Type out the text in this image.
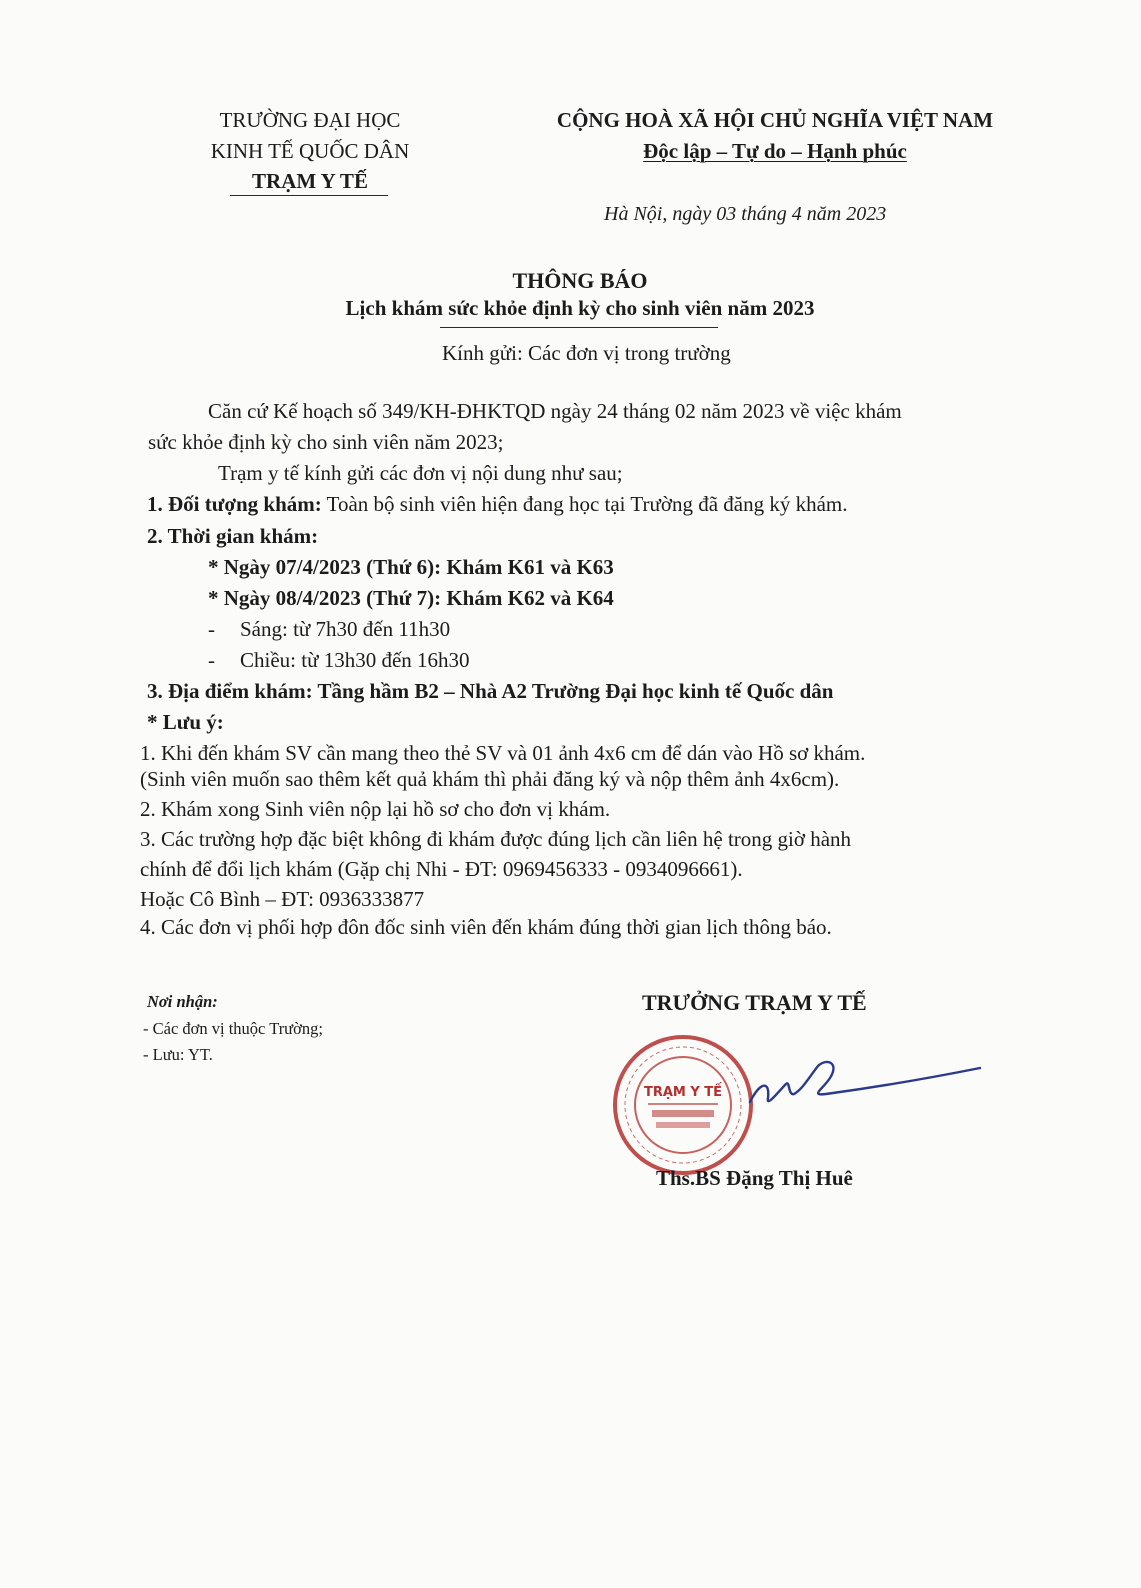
TRƯỜNG ĐẠI HỌC
KINH TẾ QUỐC DÂN
TRẠM Y TẾ
CỘNG HOÀ XÃ HỘI CHỦ NGHĨA VIỆT NAM
Độc lập – Tự do – Hạnh phúc
Hà Nội, ngày 03 tháng 4 năm 2023
THÔNG BÁO
Lịch khám sức khỏe định kỳ cho sinh viên năm 2023
Kính gửi: Các đơn vị trong trường
Căn cứ Kế hoạch số 349/KH-ĐHKTQD ngày 24 tháng 02 năm 2023 về việc khám
sức khỏe định kỳ cho sinh viên năm 2023;
Trạm y tế kính gửi các đơn vị nội dung như sau;
1. Đối tượng khám: Toàn bộ sinh viên hiện đang học tại Trường đã đăng ký khám.
2. Thời gian khám:
* Ngày 07/4/2023 (Thứ 6): Khám K61 và K63
* Ngày 08/4/2023 (Thứ 7): Khám K62 và K64
- Sáng: từ 7h30 đến 11h30
- Chiều: từ 13h30 đến 16h30
3. Địa điểm khám: Tầng hầm B2 – Nhà A2 Trường Đại học kinh tế Quốc dân
* Lưu ý:
1. Khi đến khám SV cần mang theo thẻ SV và 01 ảnh 4x6 cm để dán vào Hồ sơ khám.
(Sinh viên muốn sao thêm kết quả khám thì phải đăng ký và nộp thêm ảnh 4x6cm).
2. Khám xong Sinh viên nộp lại hồ sơ cho đơn vị khám.
3. Các trường hợp đặc biệt không đi khám được đúng lịch cần liên hệ trong giờ hành
chính để đổi lịch khám (Gặp chị Nhi - ĐT: 0969456333 - 0934096661).
Hoặc Cô Bình – ĐT: 0936333877
4. Các đơn vị phối hợp đôn đốc sinh viên đến khám đúng thời gian lịch thông báo.
Nơi nhận:
- Các đơn vị thuộc Trường;
- Lưu: YT.
TRƯỞNG TRẠM Y TẾ
TRẠM Y TẾ
Ths.BS Đặng Thị Huê
